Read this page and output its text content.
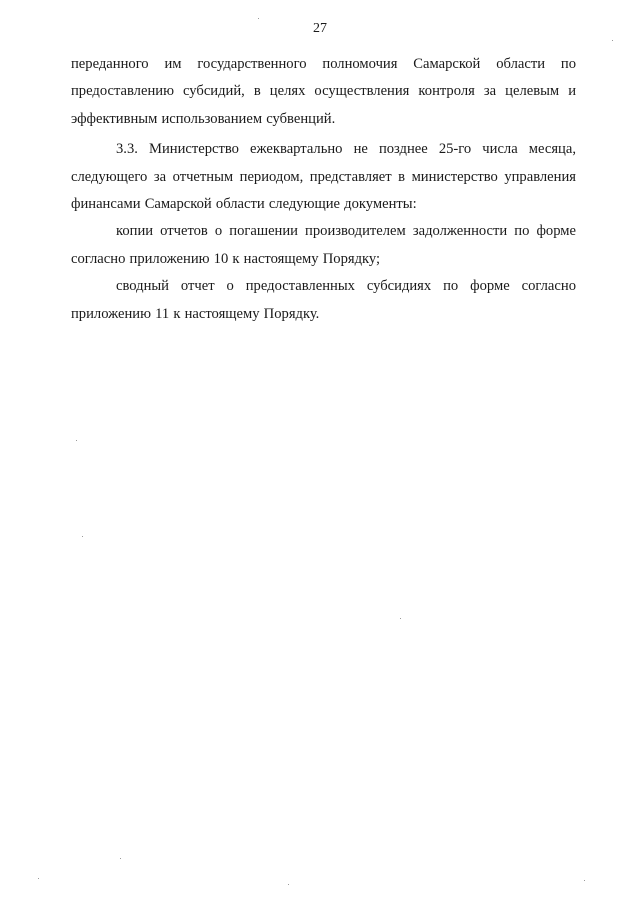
27

переданного им государственного полномочия Самарской области по предоставлению субсидий, в целях осуществления контроля за целевым и эффективным использованием субвенций.

3.3. Министерство ежеквартально не позднее 25-го числа месяца, следующего за отчетным периодом, представляет в министерство управления финансами Самарской области следующие документы:

копии отчетов о погашении производителем задолженности по форме согласно приложению 10 к настоящему Порядку;

сводный отчет о предоставленных субсидиях по форме согласно приложению 11 к настоящему Порядку.
